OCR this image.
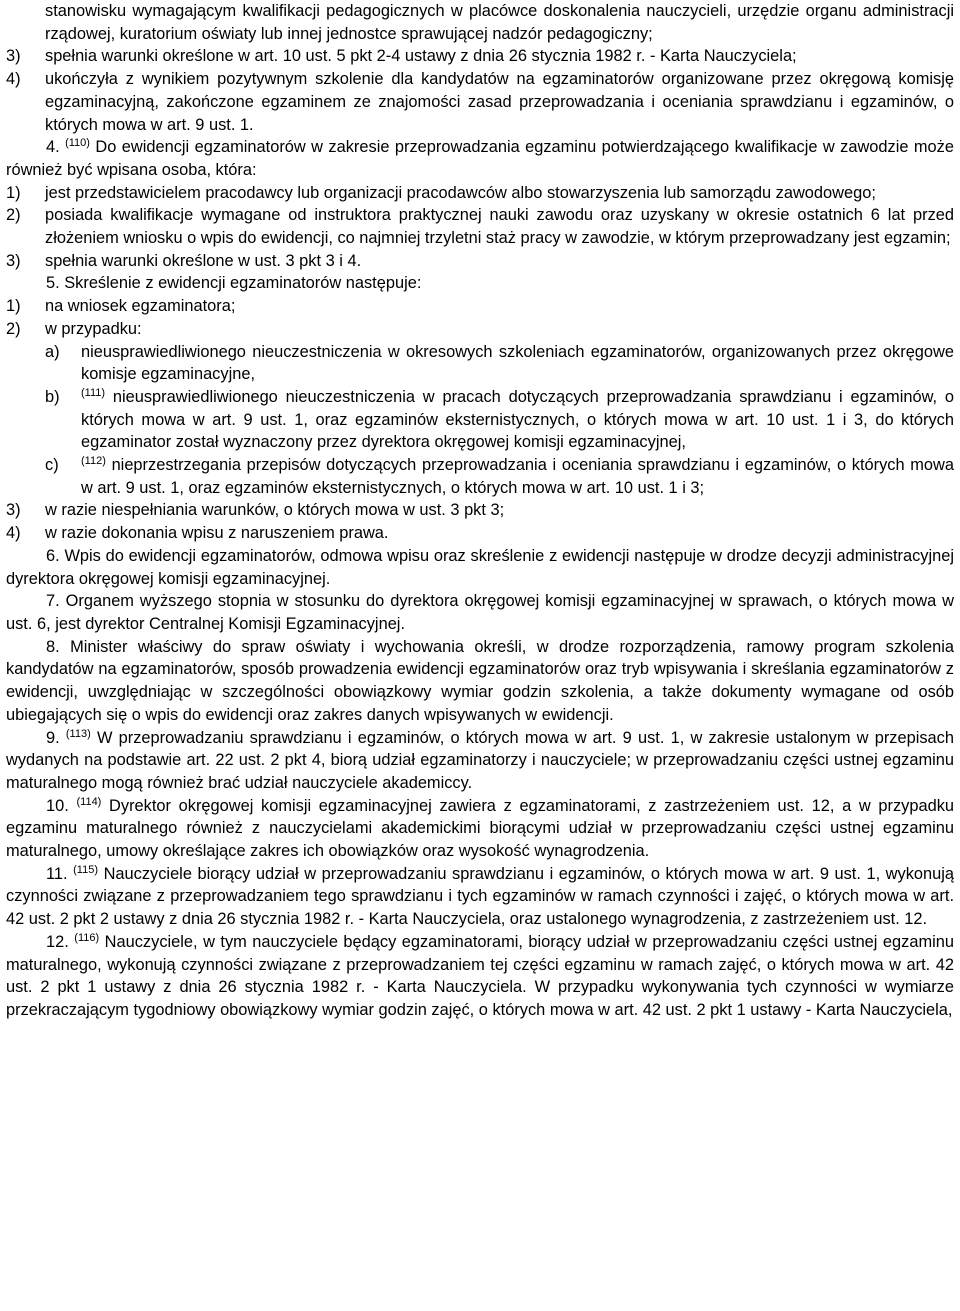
stanowisku wymagającym kwalifikacji pedagogicznych w placówce doskonalenia nauczycieli, urzędzie organu administracji rządowej, kuratorium oświaty lub innej jednostce sprawującej nadzór pedagogiczny;

3)	spełnia warunki określone w art. 10 ust. 5 pkt 2-4 ustawy z dnia 26 stycznia 1982 r. - Karta Nauczyciela;
4)	ukończyła z wynikiem pozytywnym szkolenie dla kandydatów na egzaminatorów organizowane przez okręgową komisję egzaminacyjną, zakończone egzaminem ze znajomości zasad przeprowadzania i oceniania sprawdzianu i egzaminów, o których mowa w art. 9 ust. 1.

4. $^{(110)}$ Do ewidencji egzaminatorów w zakresie przeprowadzania egzaminu potwierdzającego kwalifikacje w zawodzie może również być wpisana osoba, która:

1)	jest przedstawicielem pracodawcy lub organizacji pracodawców albo stowarzyszenia lub samorządu zawodowego;
2)	posiada kwalifikacje wymagane od instruktora praktycznej nauki zawodu oraz uzyskany w okresie ostatnich 6 lat przed złożeniem wniosku o wpis do ewidencji, co najmniej trzyletni staż pracy w zawodzie, w którym przeprowadzany jest egzamin;
3)	spełnia warunki określone w ust. 3 pkt 3 i 4.

5. Skreślenie z ewidencji egzaminatorów następuje:

1)	na wniosek egzaminatora;
2)	w przypadku:
a)	nieusprawiedliwionego nieuczestniczenia w okresowych szkoleniach egzaminatorów, organizowanych przez okręgowe komisje egzaminacyjne,
b)	$^{(111)}$ nieusprawiedliwionego nieuczestniczenia w pracach dotyczących przeprowadzania sprawdzianu i egzaminów, o których mowa w art. 9 ust. 1, oraz egzaminów eksternistycznych, o których mowa w art. 10 ust. 1 i 3, do których egzaminator został wyznaczony przez dyrektora okręgowej komisji egzaminacyjnej,
c)	$^{(112)}$ nieprzestrzegania przepisów dotyczących przeprowadzania i oceniania sprawdzianu i egzaminów, o których mowa w art. 9 ust. 1, oraz egzaminów eksternistycznych, o których mowa w art. 10 ust. 1 i 3;
3)	w razie niespełniania warunków, o których mowa w ust. 3 pkt 3;
4)	w razie dokonania wpisu z naruszeniem prawa.

6. Wpis do ewidencji egzaminatorów, odmowa wpisu oraz skreślenie z ewidencji następuje w drodze decyzji administracyjnej dyrektora okręgowej komisji egzaminacyjnej.

7. Organem wyższego stopnia w stosunku do dyrektora okręgowej komisji egzaminacyjnej w sprawach, o których mowa w ust. 6, jest dyrektor Centralnej Komisji Egzaminacyjnej.

8. Minister właściwy do spraw oświaty i wychowania określi, w drodze rozporządzenia, ramowy program szkolenia kandydatów na egzaminatorów, sposób prowadzenia ewidencji egzaminatorów oraz tryb wpisywania i skreślania egzaminatorów z ewidencji, uwzględniając w szczególności obowiązkowy wymiar godzin szkolenia, a także dokumenty wymagane od osób ubiegających się o wpis do ewidencji oraz zakres danych wpisywanych w ewidencji.

9. $^{(113)}$ W przeprowadzaniu sprawdzianu i egzaminów, o których mowa w art. 9 ust. 1, w zakresie ustalonym w przepisach wydanych na podstawie art. 22 ust. 2 pkt 4, biorą udział egzaminatorzy i nauczyciele; w przeprowadzaniu części ustnej egzaminu maturalnego mogą również brać udział nauczyciele akademiccy.

10. $^{(114)}$ Dyrektor okręgowej komisji egzaminacyjnej zawiera z egzaminatorami, z zastrzeżeniem ust. 12, a w przypadku egzaminu maturalnego również z nauczycielami akademickimi biorącymi udział w przeprowadzaniu części ustnej egzaminu maturalnego, umowy określające zakres ich obowiązków oraz wysokość wynagrodzenia.

11. $^{(115)}$ Nauczyciele biorący udział w przeprowadzaniu sprawdzianu i egzaminów, o których mowa w art. 9 ust. 1, wykonują czynności związane z przeprowadzaniem tego sprawdzianu i tych egzaminów w ramach czynności i zajęć, o których mowa w art. 42 ust. 2 pkt 2 ustawy z dnia 26 stycznia 1982 r. - Karta Nauczyciela, oraz ustalonego wynagrodzenia, z zastrzeżeniem ust. 12.

12. $^{(116)}$ Nauczyciele, w tym nauczyciele będący egzaminatorami, biorący udział w przeprowadzaniu części ustnej egzaminu maturalnego, wykonują czynności związane z przeprowadzaniem tej części egzaminu w ramach zajęć, o których mowa w art. 42 ust. 2 pkt 1 ustawy z dnia 26 stycznia 1982 r. - Karta Nauczyciela. W przypadku wykonywania tych czynności w wymiarze przekraczającym tygodniowy obowiązkowy wymiar godzin zajęć, o których mowa w art. 42 ust. 2 pkt 1 ustawy - Karta Nauczyciela,
